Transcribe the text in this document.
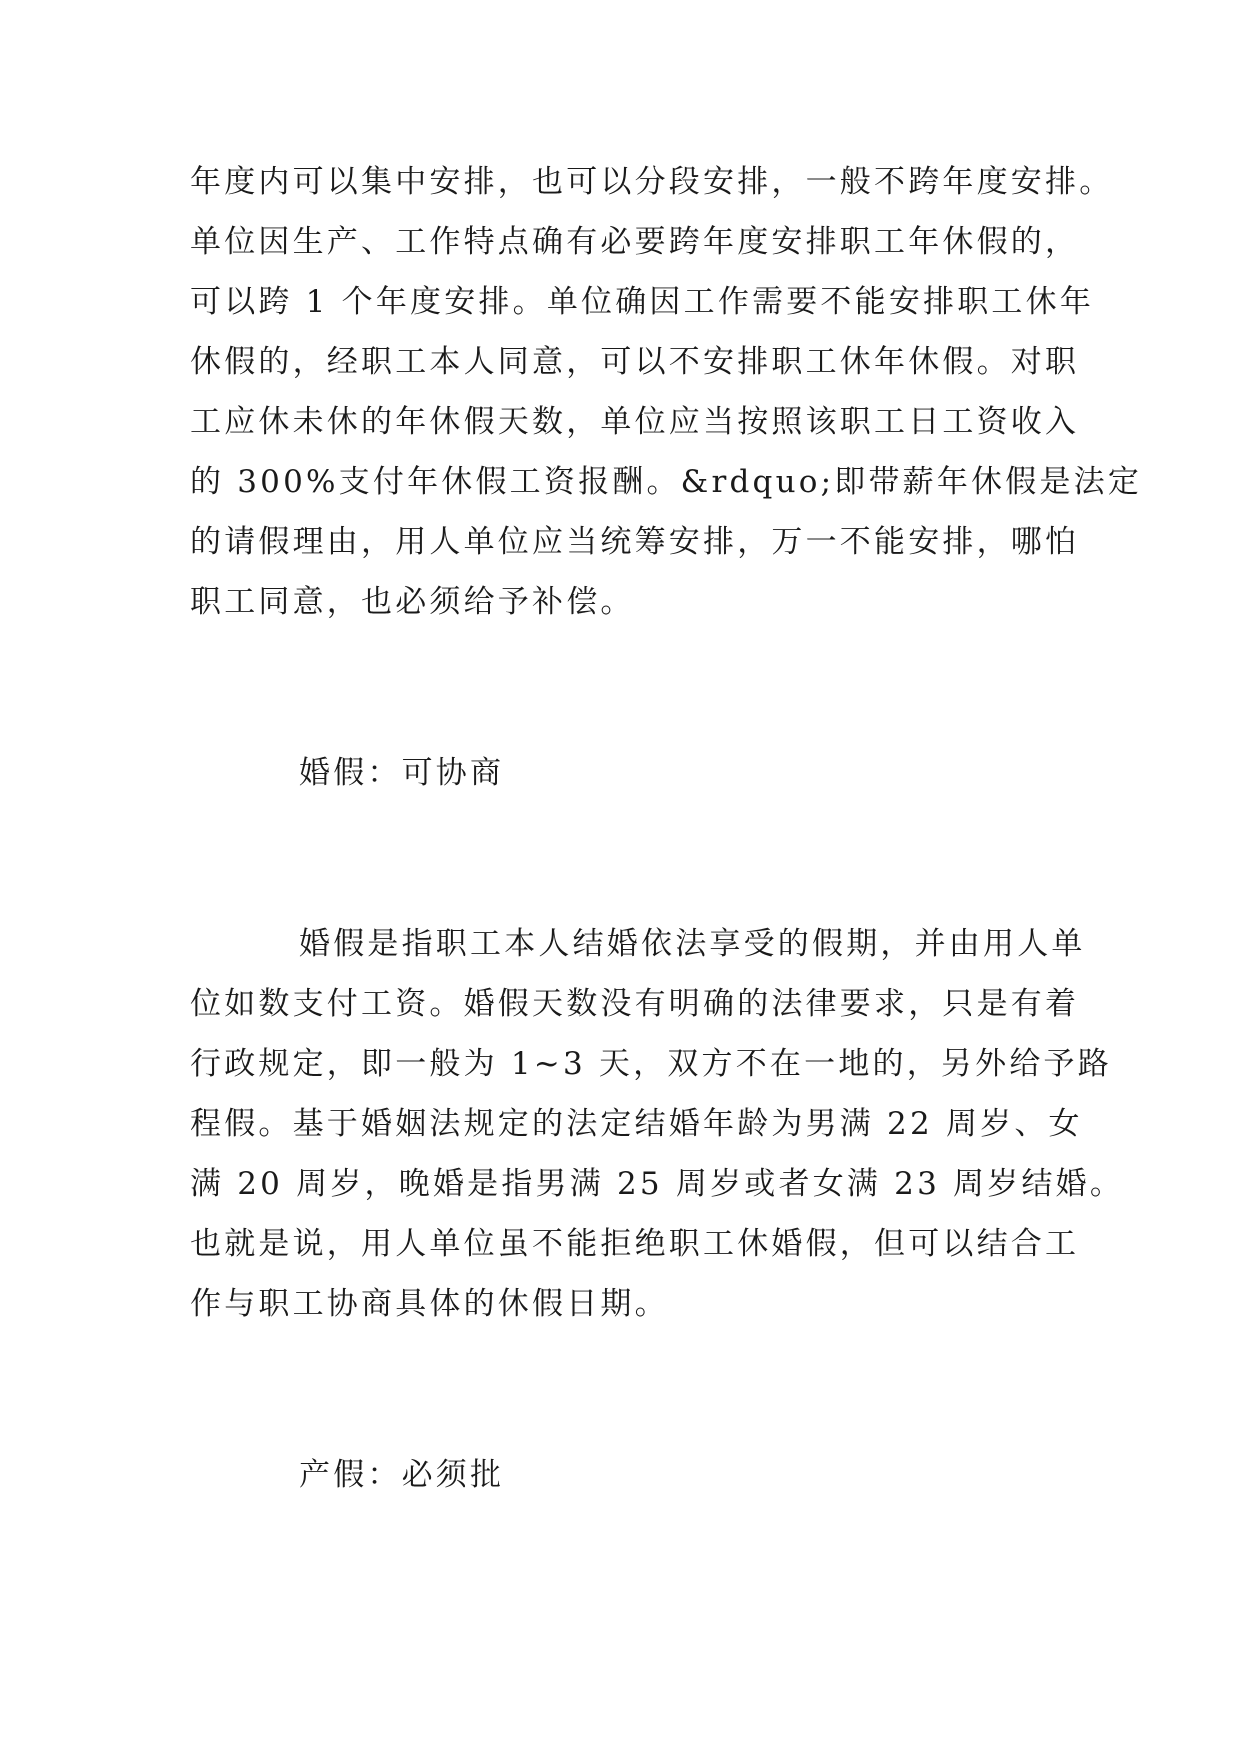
年度内可以集中安排，也可以分段安排，一般不跨年度安排。

单位因生产、工作特点确有必要跨年度安排职工年休假的，

可以跨 1 个年度安排。单位确因工作需要不能安排职工休年

休假的，经职工本人同意，可以不安排职工休年休假。对职

工应休未休的年休假天数，单位应当按照该职工日工资收入

的 300%支付年休假工资报酬。&rdquo;即带薪年休假是法定

的请假理由，用人单位应当统筹安排，万一不能安排，哪怕

职工同意，也必须给予补偿。

婚假：可协商

婚假是指职工本人结婚依法享受的假期，并由用人单

位如数支付工资。婚假天数没有明确的法律要求，只是有着

行政规定，即一般为 1~3 天，双方不在一地的，另外给予路

程假。基于婚姻法规定的法定结婚年龄为男满 22 周岁、女

满 20 周岁，晚婚是指男满 25 周岁或者女满 23 周岁结婚。

也就是说，用人单位虽不能拒绝职工休婚假，但可以结合工

作与职工协商具体的休假日期。

产假：必须批
